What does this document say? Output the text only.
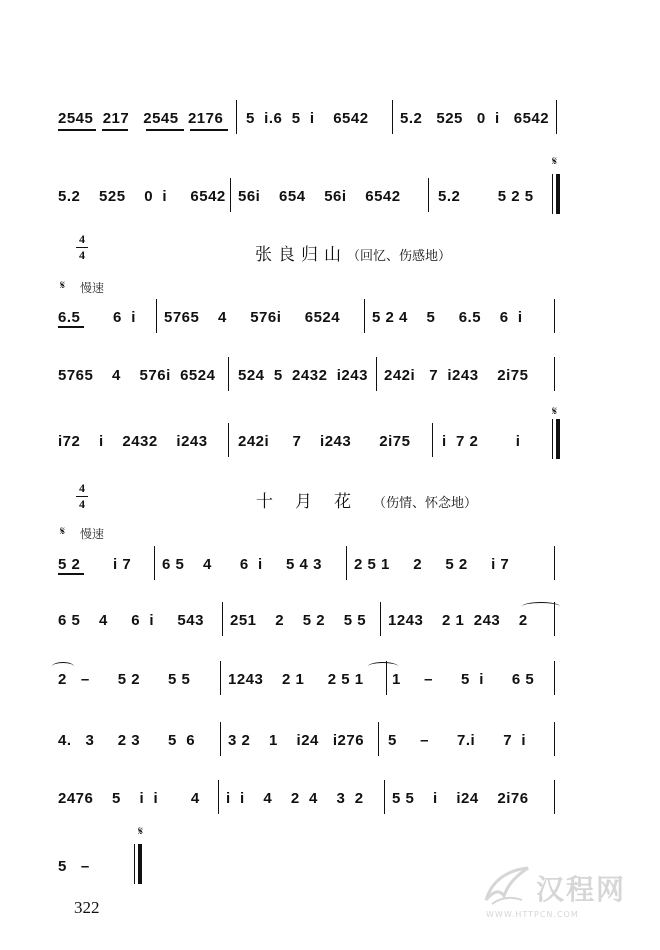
2545  217   2545  2176 5  i.6  5  i    6542 5.2   525   0  i   6542
5.2    525    0  i     6542 56i    654    56i    6542 5.2        5 2 5
𝄋
4
4	张良归山（回忆、伤感地）
𝄋 慢速
6.5       6  i 5765    4     576i     6524 5 2 4    5     6.5    6  i
5765    4    576i  6524 524  5  2432  i243 242i   7  i243    2i75
𝄋
i72    i    2432    i243 242i     7    i243      2i75 i  7 2        i
4
4	十月花（伤情、怀念地）
𝄋 慢速
5 2       i 7 6 5    4      6  i     5 4 3 2 5 1     2     5 2     i 7
6 5    4     6  i     543 251    2    5 2    5 5 1243    2 1  243    2
2   –      5 2      5 5	1243    2 1     2 5 1 1     –      5  i      6 5
4.   3     2 3      5  6 3 2    1    i24   i276 5     –      7.i      7  i
2476    5    i  i       4 i  i    4    2  4    3  2 5 5    i    i24    2i76
𝄋
5   –
322
汉程网
WWW.HTTPCN.COM
